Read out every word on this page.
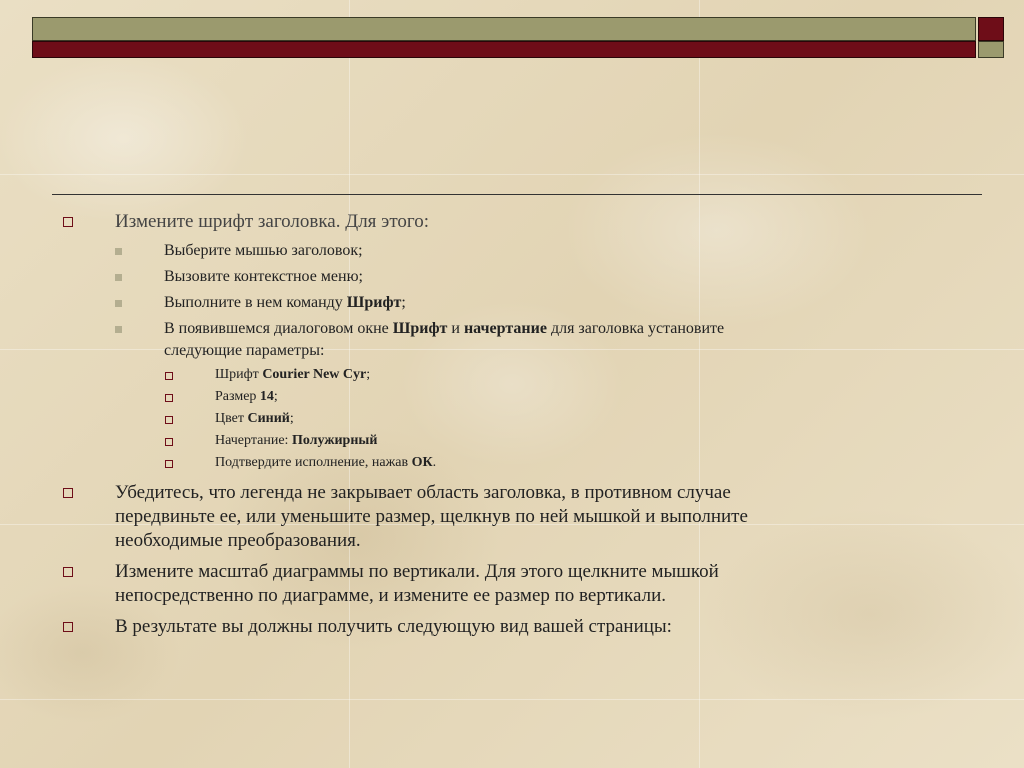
Измените шрифт заголовка. Для этого:
Выберите мышью заголовок;
Вызовите контекстное меню;
Выполните в нем команду Шрифт;
В появившемся диалоговом окне Шрифт и начертание для заголовка установите
следующие параметры:
Шрифт Courier New Cyr;
Размер 14;
Цвет Синий;
Начертание: Полужирный
Подтвердите исполнение, нажав ОК.
Убедитесь, что легенда не закрывает область заголовка, в противном случае
передвиньте ее, или уменьшите размер, щелкнув по ней мышкой и выполните
необходимые преобразования.
Измените масштаб диаграммы по вертикали. Для этого щелкните мышкой
непосредственно по диаграмме, и измените ее размер по вертикали.
В результате вы должны получить следующую вид вашей страницы:
